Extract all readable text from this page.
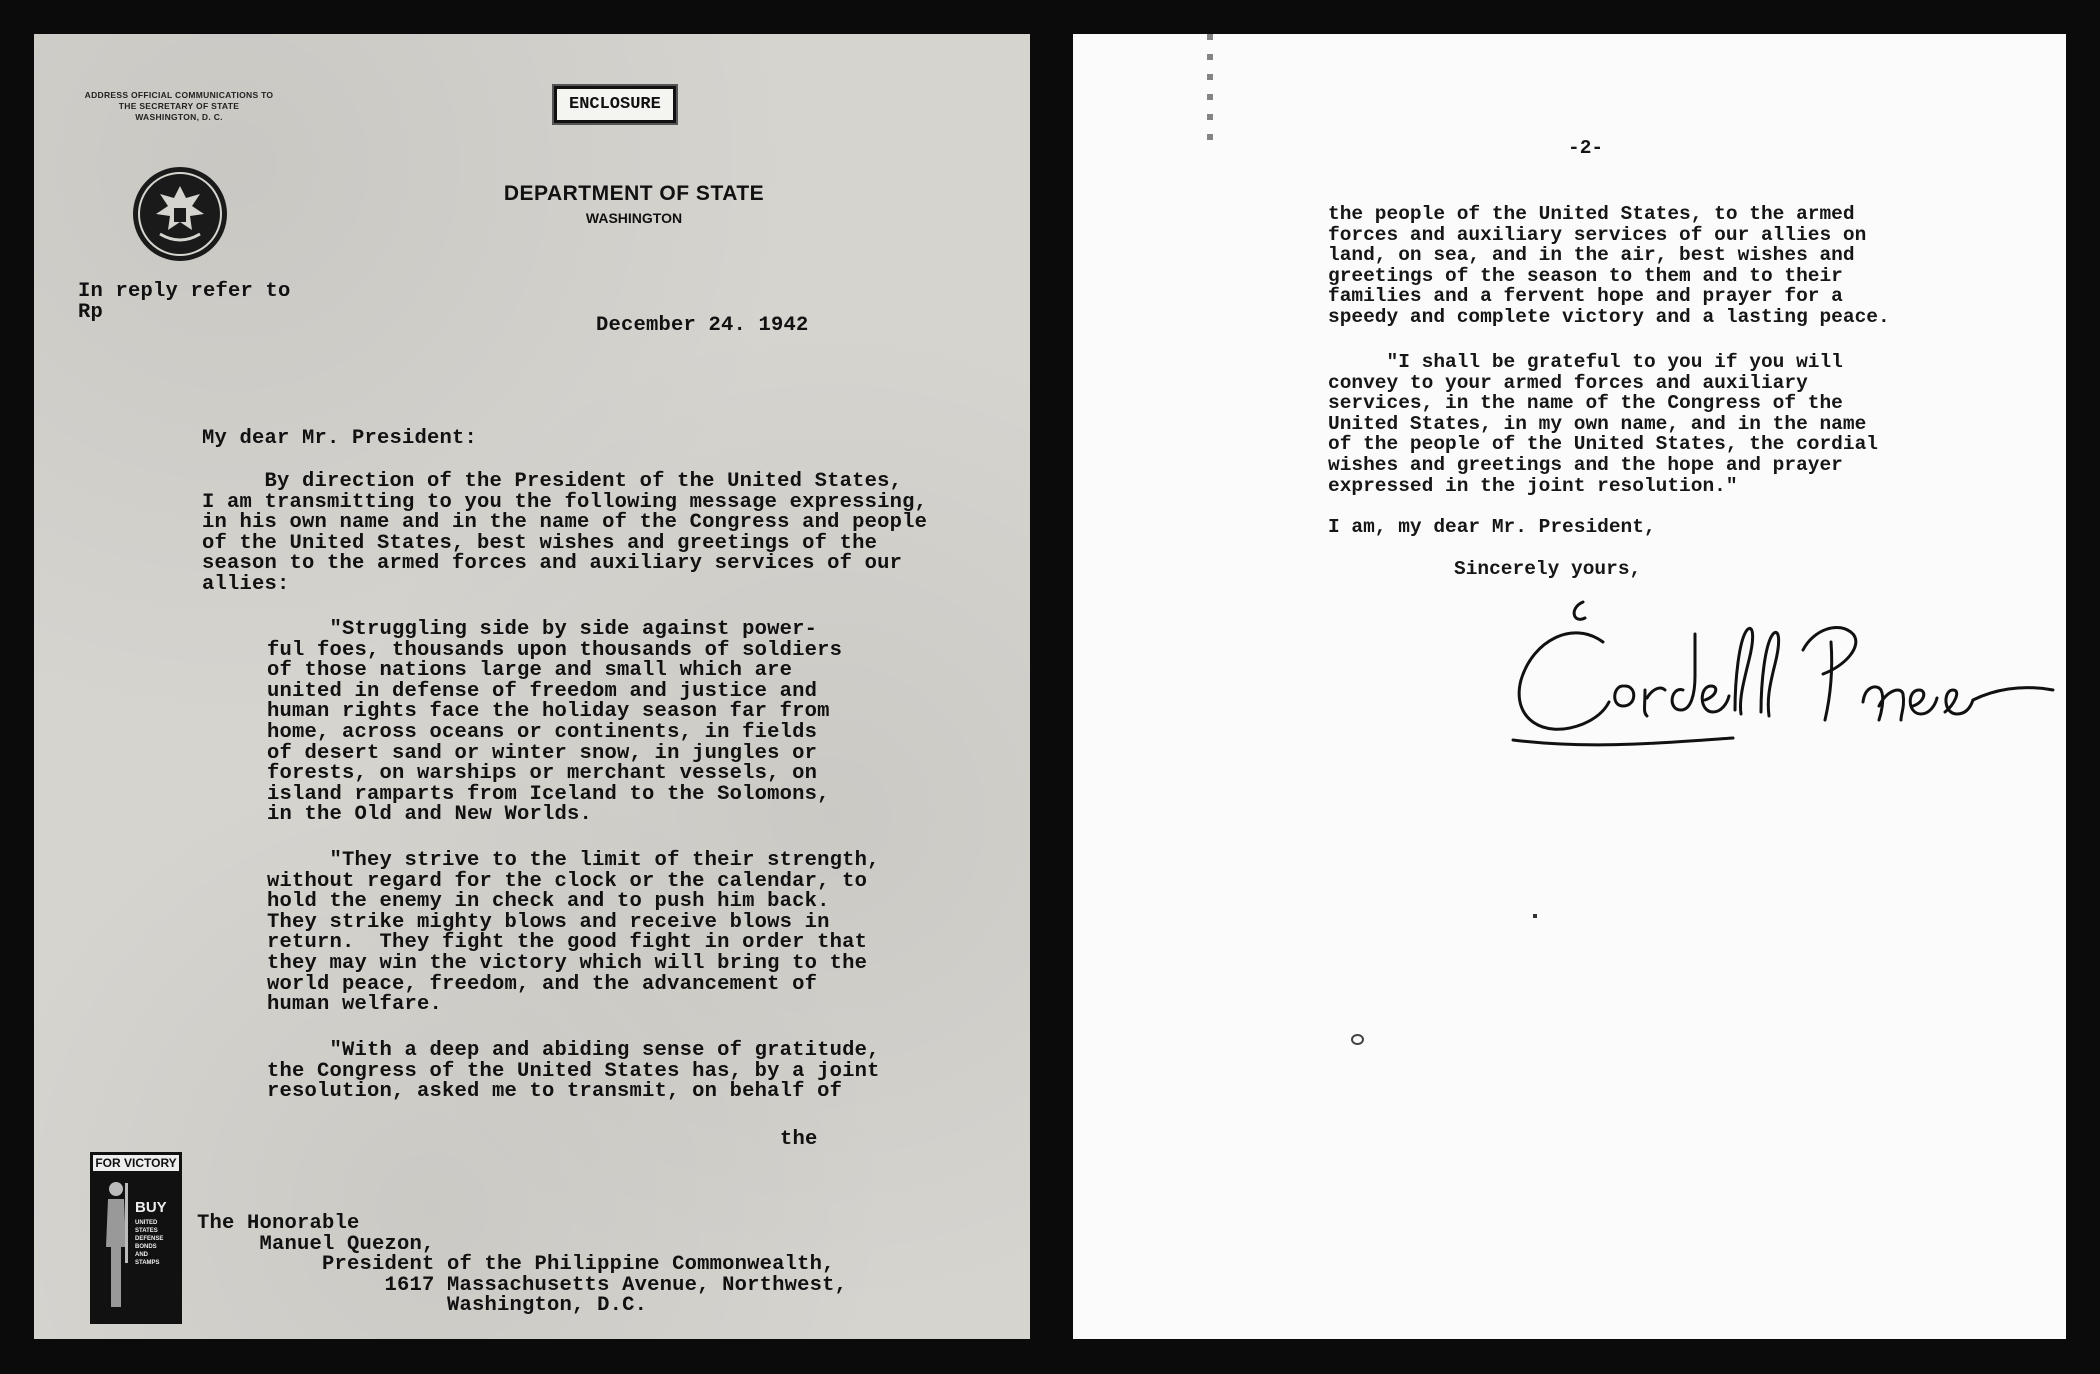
ADDRESS OFFICIAL COMMUNICATIONS TO
THE SECRETARY OF STATE
WASHINGTON, D. C.
ENCLOSURE
DEPARTMENT OF STATE
WASHINGTON
In reply refer to
Rp
December 24. 1942
My dear Mr. President:
By direction of the President of the United States,
I am transmitting to you the following message expressing,
in his own name and in the name of the Congress and people
of the United States, best wishes and greetings of the
season to the armed forces and auxiliary services of our
allies:
"Struggling side by side against power-
ful foes, thousands upon thousands of soldiers
of those nations large and small which are
united in defense of freedom and justice and
human rights face the holiday season far from
home, across oceans or continents, in fields
of desert sand or winter snow, in jungles or
forests, on warships or merchant vessels, on
island ramparts from Iceland to the Solomons,
in the Old and New Worlds.
"They strive to the limit of their strength,
without regard for the clock or the calendar, to
hold the enemy in check and to push him back.
They strike mighty blows and receive blows in
return.  They fight the good fight in order that
they may win the victory which will bring to the
world peace, freedom, and the advancement of
human welfare.
"With a deep and abiding sense of gratitude,
the Congress of the United States has, by a joint
resolution, asked me to transmit, on behalf of
the
FOR VICTORY
BUY
UNITED
STATES
DEFENSE
BONDS
AND
STAMPS
The Honorable
Manuel Quezon,
President of the Philippine Commonwealth,
1617 Massachusetts Avenue, Northwest,
Washington, D.C.
-2-
the people of the United States, to the armed
forces and auxiliary services of our allies on
land, on sea, and in the air, best wishes and
greetings of the season to them and to their
families and a fervent hope and prayer for a
speedy and complete victory and a lasting peace.
"I shall be grateful to you if you will
convey to your armed forces and auxiliary
services, in the name of the Congress of the
United States, in my own name, and in the name
of the people of the United States, the cordial
wishes and greetings and the hope and prayer
expressed in the joint resolution."
I am, my dear Mr. President,
Sincerely yours,
